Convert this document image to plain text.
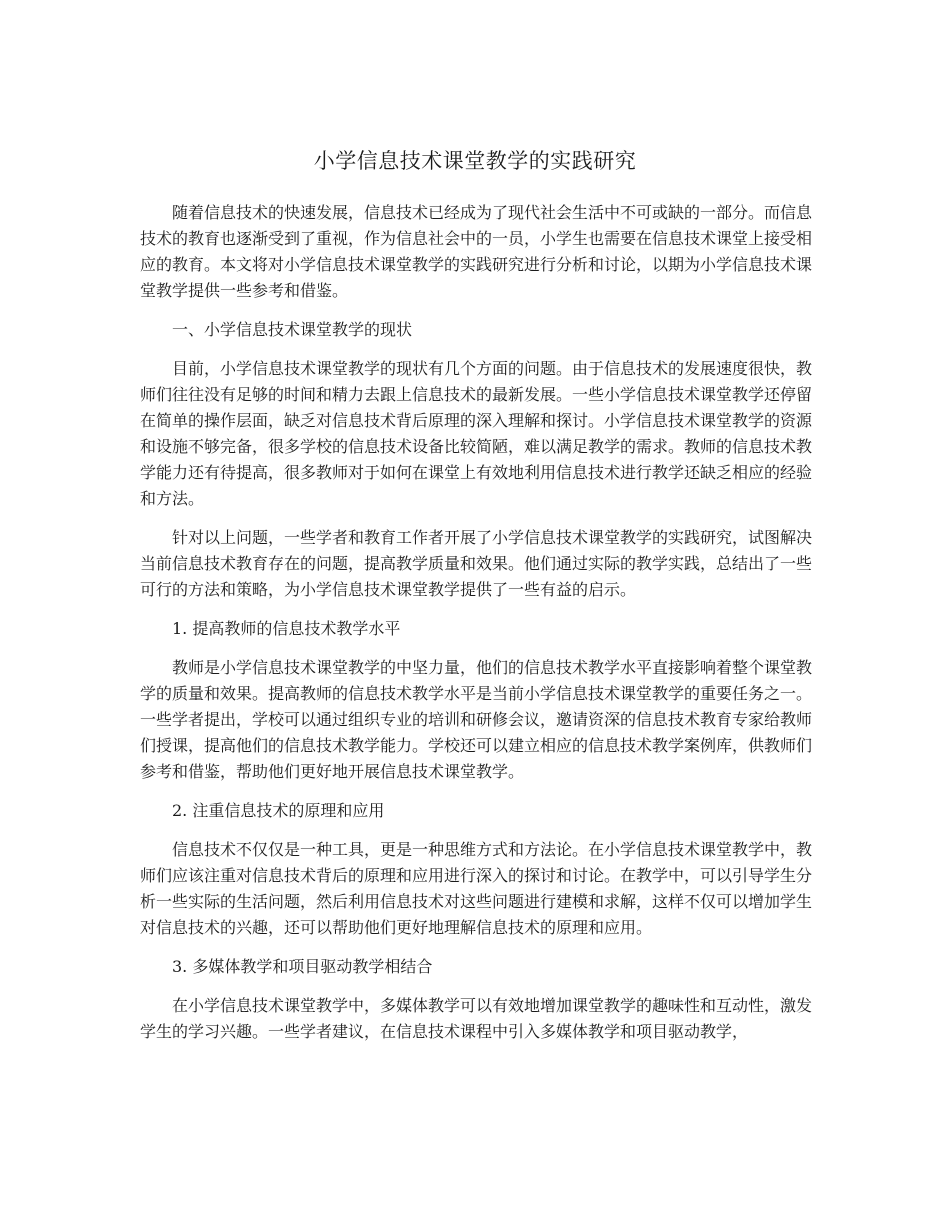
小学信息技术课堂教学的实践研究

随着信息技术的快速发展，信息技术已经成为了现代社会生活中不可或缺的一部分。而信息技术的教育也逐渐受到了重视，作为信息社会中的一员，小学生也需要在信息技术课堂上接受相应的教育。本文将对小学信息技术课堂教学的实践研究进行分析和讨论，以期为小学信息技术课堂教学提供一些参考和借鉴。

一、小学信息技术课堂教学的现状

目前，小学信息技术课堂教学的现状有几个方面的问题。由于信息技术的发展速度很快，教师们往往没有足够的时间和精力去跟上信息技术的最新发展。一些小学信息技术课堂教学还停留在简单的操作层面，缺乏对信息技术背后原理的深入理解和探讨。小学信息技术课堂教学的资源和设施不够完备，很多学校的信息技术设备比较简陋，难以满足教学的需求。教师的信息技术教学能力还有待提高，很多教师对于如何在课堂上有效地利用信息技术进行教学还缺乏相应的经验和方法。

针对以上问题，一些学者和教育工作者开展了小学信息技术课堂教学的实践研究，试图解决当前信息技术教育存在的问题，提高教学质量和效果。他们通过实际的教学实践，总结出了一些可行的方法和策略，为小学信息技术课堂教学提供了一些有益的启示。

1. 提高教师的信息技术教学水平

教师是小学信息技术课堂教学的中坚力量，他们的信息技术教学水平直接影响着整个课堂教学的质量和效果。提高教师的信息技术教学水平是当前小学信息技术课堂教学的重要任务之一。一些学者提出，学校可以通过组织专业的培训和研修会议，邀请资深的信息技术教育专家给教师们授课，提高他们的信息技术教学能力。学校还可以建立相应的信息技术教学案例库，供教师们参考和借鉴，帮助他们更好地开展信息技术课堂教学。

2. 注重信息技术的原理和应用

信息技术不仅仅是一种工具，更是一种思维方式和方法论。在小学信息技术课堂教学中，教师们应该注重对信息技术背后的原理和应用进行深入的探讨和讨论。在教学中，可以引导学生分析一些实际的生活问题，然后利用信息技术对这些问题进行建模和求解，这样不仅可以增加学生对信息技术的兴趣，还可以帮助他们更好地理解信息技术的原理和应用。

3. 多媒体教学和项目驱动教学相结合

在小学信息技术课堂教学中，多媒体教学可以有效地增加课堂教学的趣味性和互动性，激发学生的学习兴趣。一些学者建议，在信息技术课程中引入多媒体教学和项目驱动教学，
